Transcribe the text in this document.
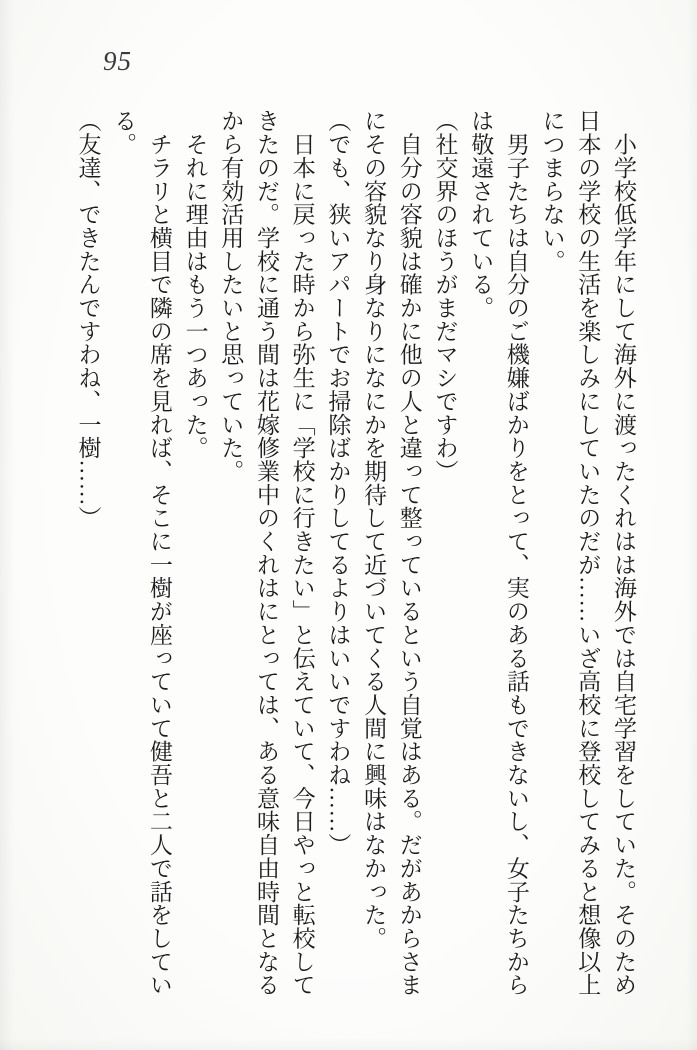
95
　小学校低学年にして海外に渡ったくれはは海外では自宅学習をしていた。そのため
日本の学校の生活を楽しみにしていたのだが……いざ高校に登校してみると想像以上
につまらない。
　男子たちは自分のご機嫌ばかりをとって、実のある話もできないし、女子たちから
は敬遠されている。
（社交界のほうがまだマシですわ）
　自分の容貌は確かに他の人と違って整っているという自覚はある。だがあからさま
にその容貌なり身なりになにかを期待して近づいてくる人間に興味はなかった。
（でも、狭いアパートでお掃除ばかりしてるよりはいいですわね……）
　日本に戻った時から弥生に「学校に行きたい」と伝えていて、今日やっと転校して
きたのだ。学校に通う間は花嫁修業中のくれはにとっては、ある意味自由時間となる
から有効活用したいと思っていた。
　それに理由はもう一つあった。
　チラリと横目で隣の席を見れば、そこに一樹が座っていて健吾と二人で話をしてい
る。
（友達、できたんですわね、一樹……）
